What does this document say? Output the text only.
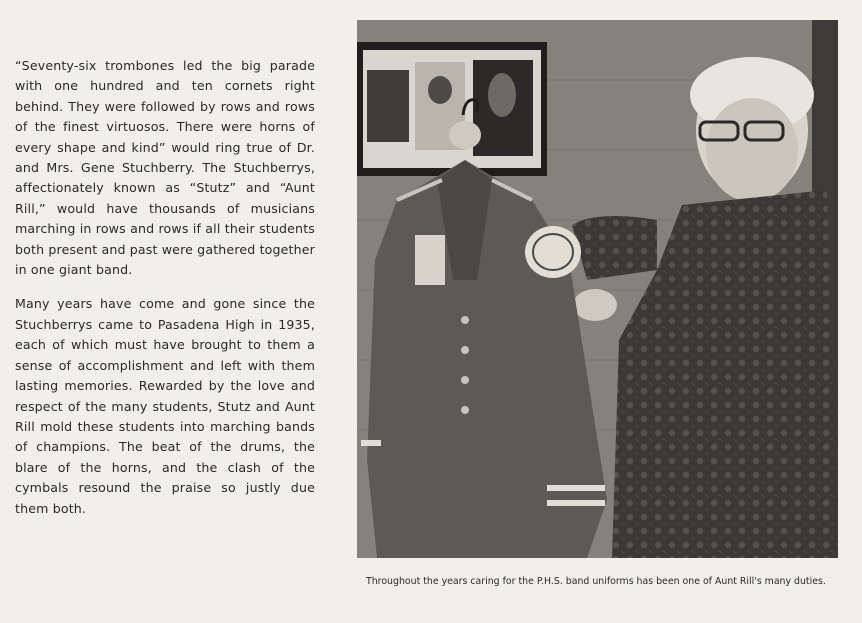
“Seventy-six trombones led the big parade with one hundred and ten cornets right behind. They were followed by rows and rows of the finest virtuosos. There were horns of every shape and kind” would ring true of Dr. and Mrs. Gene Stuchberry. The Stuchberrys, affectionately known as “Stutz” and “Aunt Rill,” would have thousands of musicians marching in rows and rows if all their students both present and past were gathered together in one giant band.

Many years have come and gone since the Stuchberrys came to Pasadena High in 1935, each of which must have brought to them a sense of accomplishment and left with them lasting memories. Rewarded by the love and respect of the many students, Stutz and Aunt Rill mold these students into marching bands of champions. The beat of the drums, the blare of the horns, and the clash of the cymbals resound the praise so justly due them both.

Throughout the years caring for the P.H.S. band uniforms has been one of Aunt Rill's many duties.
